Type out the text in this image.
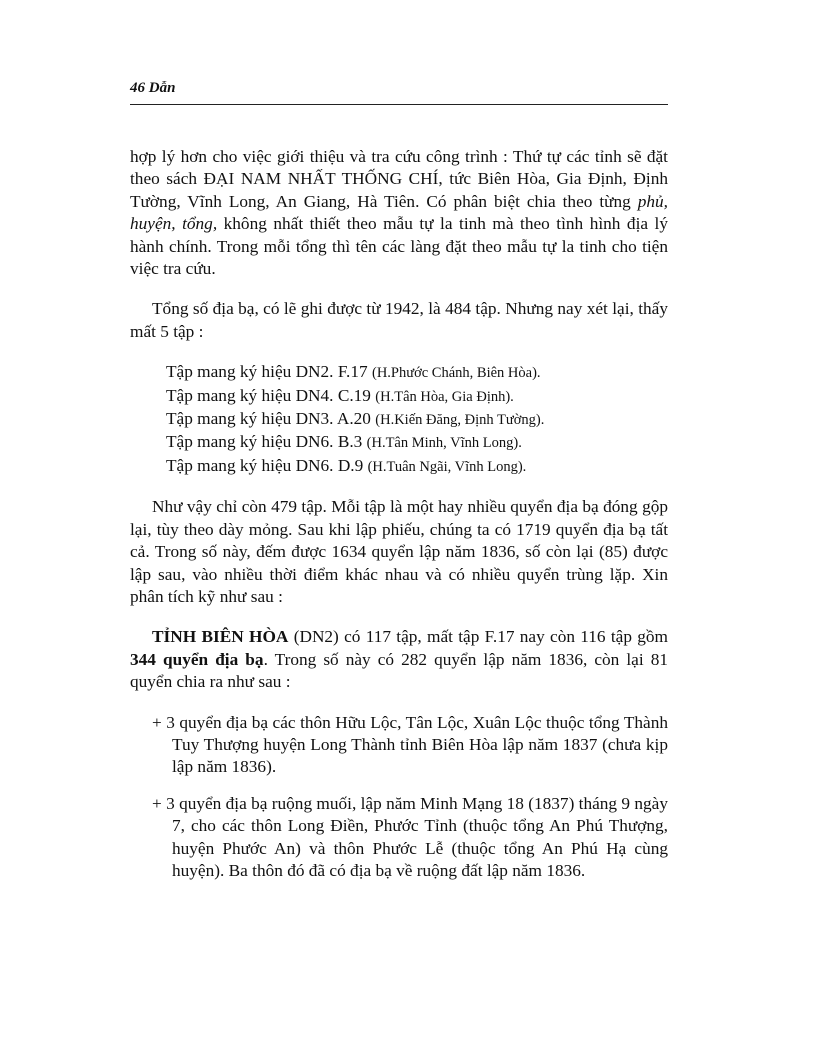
46 Dẫn

hợp lý hơn cho việc giới thiệu và tra cứu công trình : Thứ tự các tỉnh sẽ đặt theo sách ĐẠI NAM NHẤT THỐNG CHÍ, tức Biên Hòa, Gia Định, Định Tường, Vĩnh Long, An Giang, Hà Tiên. Có phân biệt chia theo từng phủ, huyện, tổng, không nhất thiết theo mẫu tự la tinh mà theo tình hình địa lý hành chính. Trong mỗi tổng thì tên các làng đặt theo mẫu tự la tinh cho tiện việc tra cứu.

Tổng số địa bạ, có lẽ ghi được từ 1942, là 484 tập. Nhưng nay xét lại, thấy mất 5 tập :

Tập mang ký hiệu DN2. F.17 (H.Phước Chánh, Biên Hòa).
Tập mang ký hiệu DN4. C.19 (H.Tân Hòa, Gia Định).
Tập mang ký hiệu DN3. A.20 (H.Kiến Đăng, Định Tường).
Tập mang ký hiệu DN6. B.3 (H.Tân Minh, Vĩnh Long).
Tập mang ký hiệu DN6. D.9 (H.Tuân Ngãi, Vĩnh Long).

Như vậy chỉ còn 479 tập. Mỗi tập là một hay nhiều quyển địa bạ đóng gộp lại, tùy theo dày mỏng. Sau khi lập phiếu, chúng ta có 1719 quyển địa bạ tất cả. Trong số này, đếm được 1634 quyển lập năm 1836, số còn lại (85) được lập sau, vào nhiều thời điểm khác nhau và có nhiều quyển trùng lặp. Xin phân tích kỹ như sau :

TỈNH BIÊN HÒA (DN2) có 117 tập, mất tập F.17 nay còn 116 tập gồm 344 quyển địa bạ. Trong số này có 282 quyển lập năm 1836, còn lại 81 quyển chia ra như sau :

+ 3 quyển địa bạ các thôn Hữu Lộc, Tân Lộc, Xuân Lộc thuộc tổng Thành Tuy Thượng huyện Long Thành tỉnh Biên Hòa lập năm 1837 (chưa kịp lập năm 1836).

+ 3 quyển địa bạ ruộng muối, lập năm Minh Mạng 18 (1837) tháng 9 ngày 7, cho các thôn Long Điền, Phước Tỉnh (thuộc tổng An Phú Thượng, huyện Phước An) và thôn Phước Lễ (thuộc tổng An Phú Hạ cùng huyện). Ba thôn đó đã có địa bạ về ruộng đất lập năm 1836.
